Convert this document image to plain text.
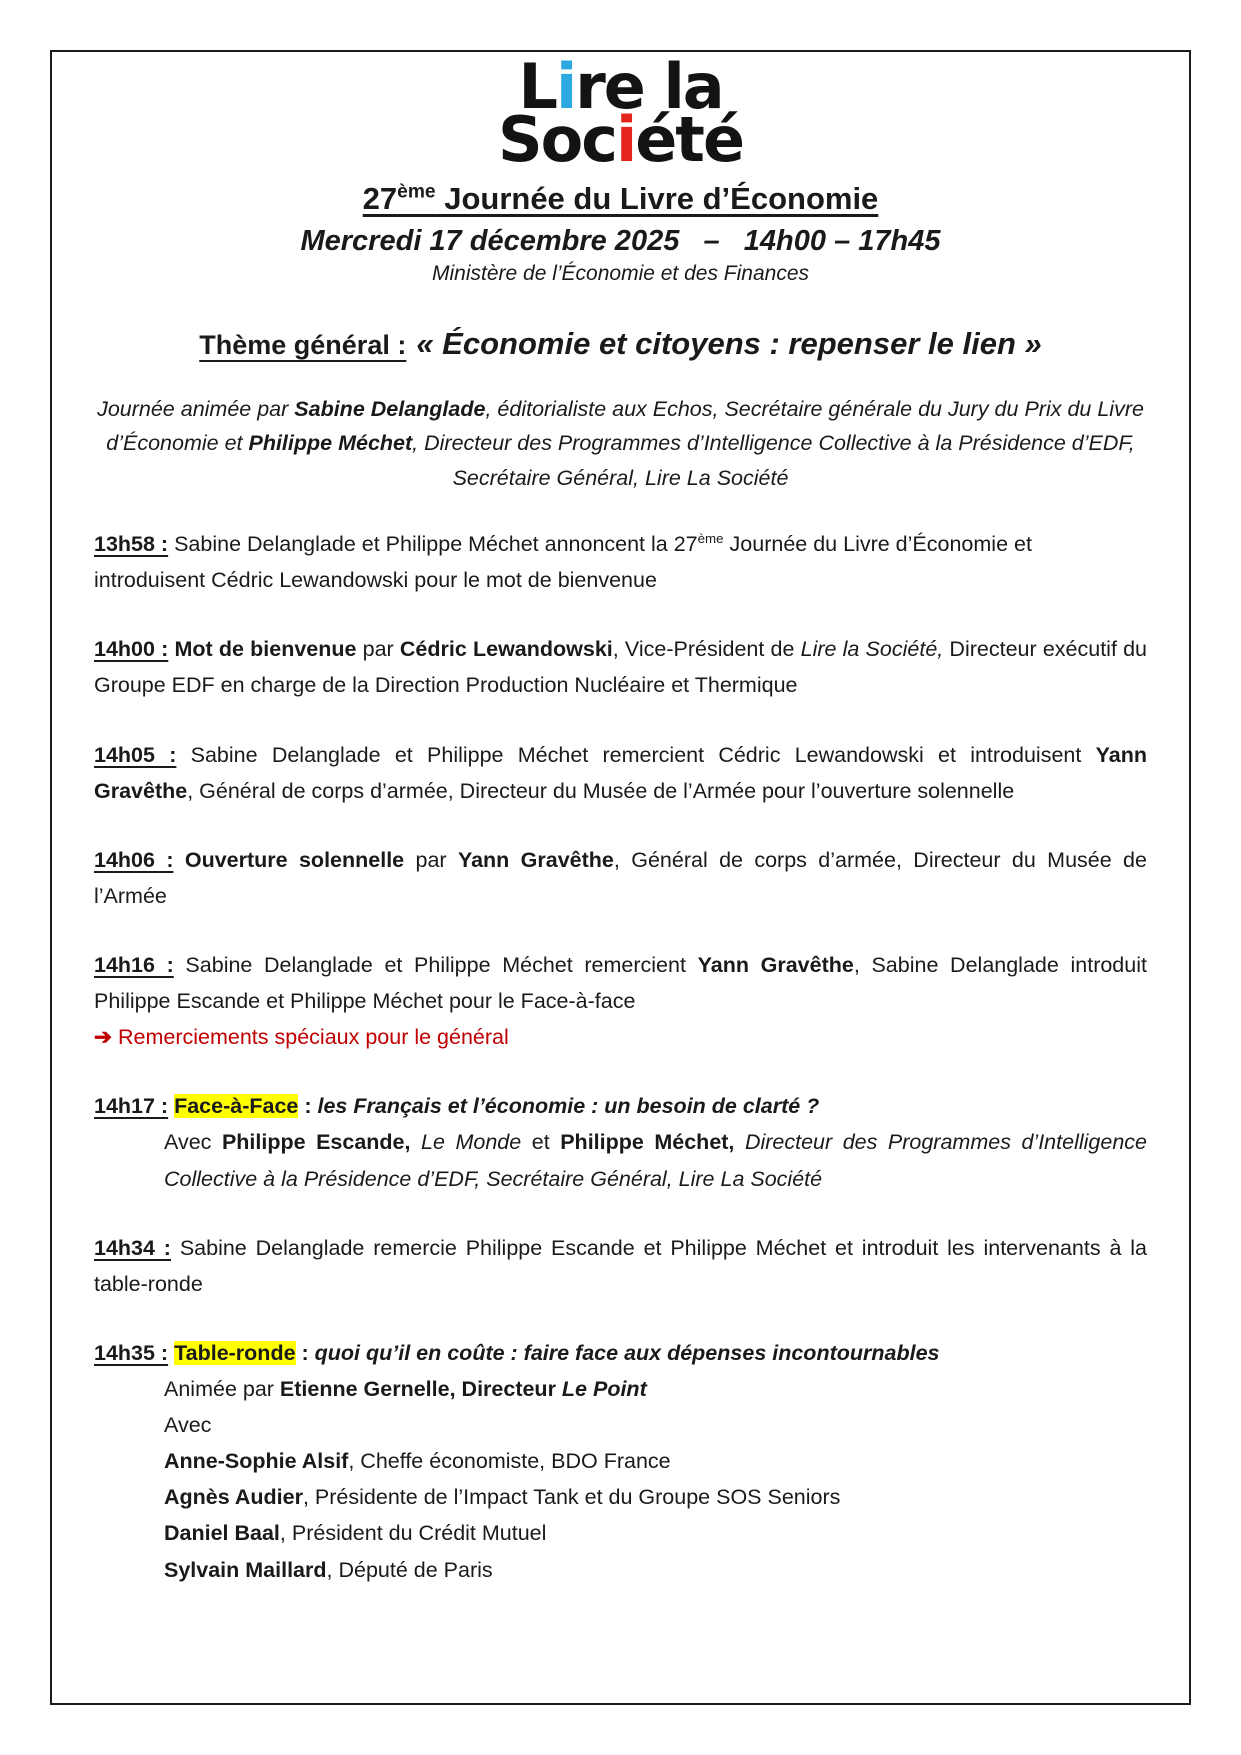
Lire la
Société
27ème Journée du Livre d’Économie
Mercredi 17 décembre 2025   –   14h00 – 17h45
Ministère de l’Économie et des Finances
Thème général : « Économie et citoyens : repenser le lien »
Journée animée par Sabine Delanglade, éditorialiste aux Echos, Secrétaire générale du Jury du Prix du Livre d’Économie et Philippe Méchet, Directeur des Programmes d’Intelligence Collective à la Présidence d’EDF, Secrétaire Général, Lire La Société

13h58 : Sabine Delanglade et Philippe Méchet annoncent la 27ème Journée du Livre d’Économie et introduisent Cédric Lewandowski pour le mot de bienvenue

14h00 : Mot de bienvenue par Cédric Lewandowski, Vice-Président de Lire la Société, Directeur exécutif du Groupe EDF en charge de la Direction Production Nucléaire et Thermique

14h05 : Sabine Delanglade et Philippe Méchet remercient Cédric Lewandowski et introduisent Yann Gravêthe, Général de corps d’armée, Directeur du Musée de l’Armée pour l’ouverture solennelle

14h06 : Ouverture solennelle par Yann Gravêthe, Général de corps d’armée, Directeur du Musée de l’Armée

14h16 : Sabine Delanglade et Philippe Méchet remercient Yann Gravêthe, Sabine Delanglade introduit Philippe Escande et Philippe Méchet pour le Face-à-face

➔ Remerciements spéciaux pour le général

14h17 : Face-à-Face : les Français et l’économie : un besoin de clarté ?

Avec Philippe Escande, Le Monde et Philippe Méchet, Directeur des Programmes d’Intelligence Collective à la Présidence d’EDF, Secrétaire Général, Lire La Société

14h34 : Sabine Delanglade remercie Philippe Escande et Philippe Méchet et introduit les intervenants à la table-ronde

14h35 : Table-ronde : quoi qu’il en coûte : faire face aux dépenses incontournables

Animée par Etienne Gernelle, Directeur Le Point

Avec

Anne-Sophie Alsif, Cheffe économiste, BDO France

Agnès Audier, Présidente de l’Impact Tank et du Groupe SOS Seniors

Daniel Baal, Président du Crédit Mutuel

Sylvain Maillard, Député de Paris
